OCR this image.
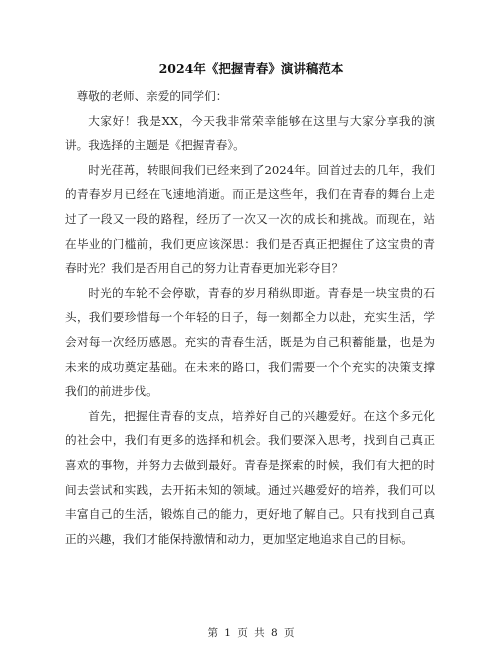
2024年《把握青春》演讲稿范本

尊敬的老师、亲爱的同学们：

大家好！我是XX，今天我非常荣幸能够在这里与大家分享我的演讲。我选择的主题是《把握青春》。

时光荏苒，转眼间我们已经来到了2024年。回首过去的几年，我们的青春岁月已经在飞速地消逝。而正是这些年，我们在青春的舞台上走过了一段又一段的路程，经历了一次又一次的成长和挑战。而现在，站在毕业的门槛前，我们更应该深思：我们是否真正把握住了这宝贵的青春时光？我们是否用自己的努力让青春更加光彩夺目？

时光的车轮不会停歇，青春的岁月稍纵即逝。青春是一块宝贵的石头，我们要珍惜每一个年轻的日子，每一刻都全力以赴，充实生活，学会对每一次经历感恩。充实的青春生活，既是为自己积蓄能量，也是为未来的成功奠定基础。在未来的路口，我们需要一个个充实的决策支撑我们的前进步伐。

首先，把握住青春的支点，培养好自己的兴趣爱好。在这个多元化的社会中，我们有更多的选择和机会。我们要深入思考，找到自己真正喜欢的事物，并努力去做到最好。青春是探索的时候，我们有大把的时间去尝试和实践，去开拓未知的领域。通过兴趣爱好的培养，我们可以丰富自己的生活，锻炼自己的能力，更好地了解自己。只有找到自己真正的兴趣，我们才能保持激情和动力，更加坚定地追求自己的目标。

第 1 页 共 8 页
